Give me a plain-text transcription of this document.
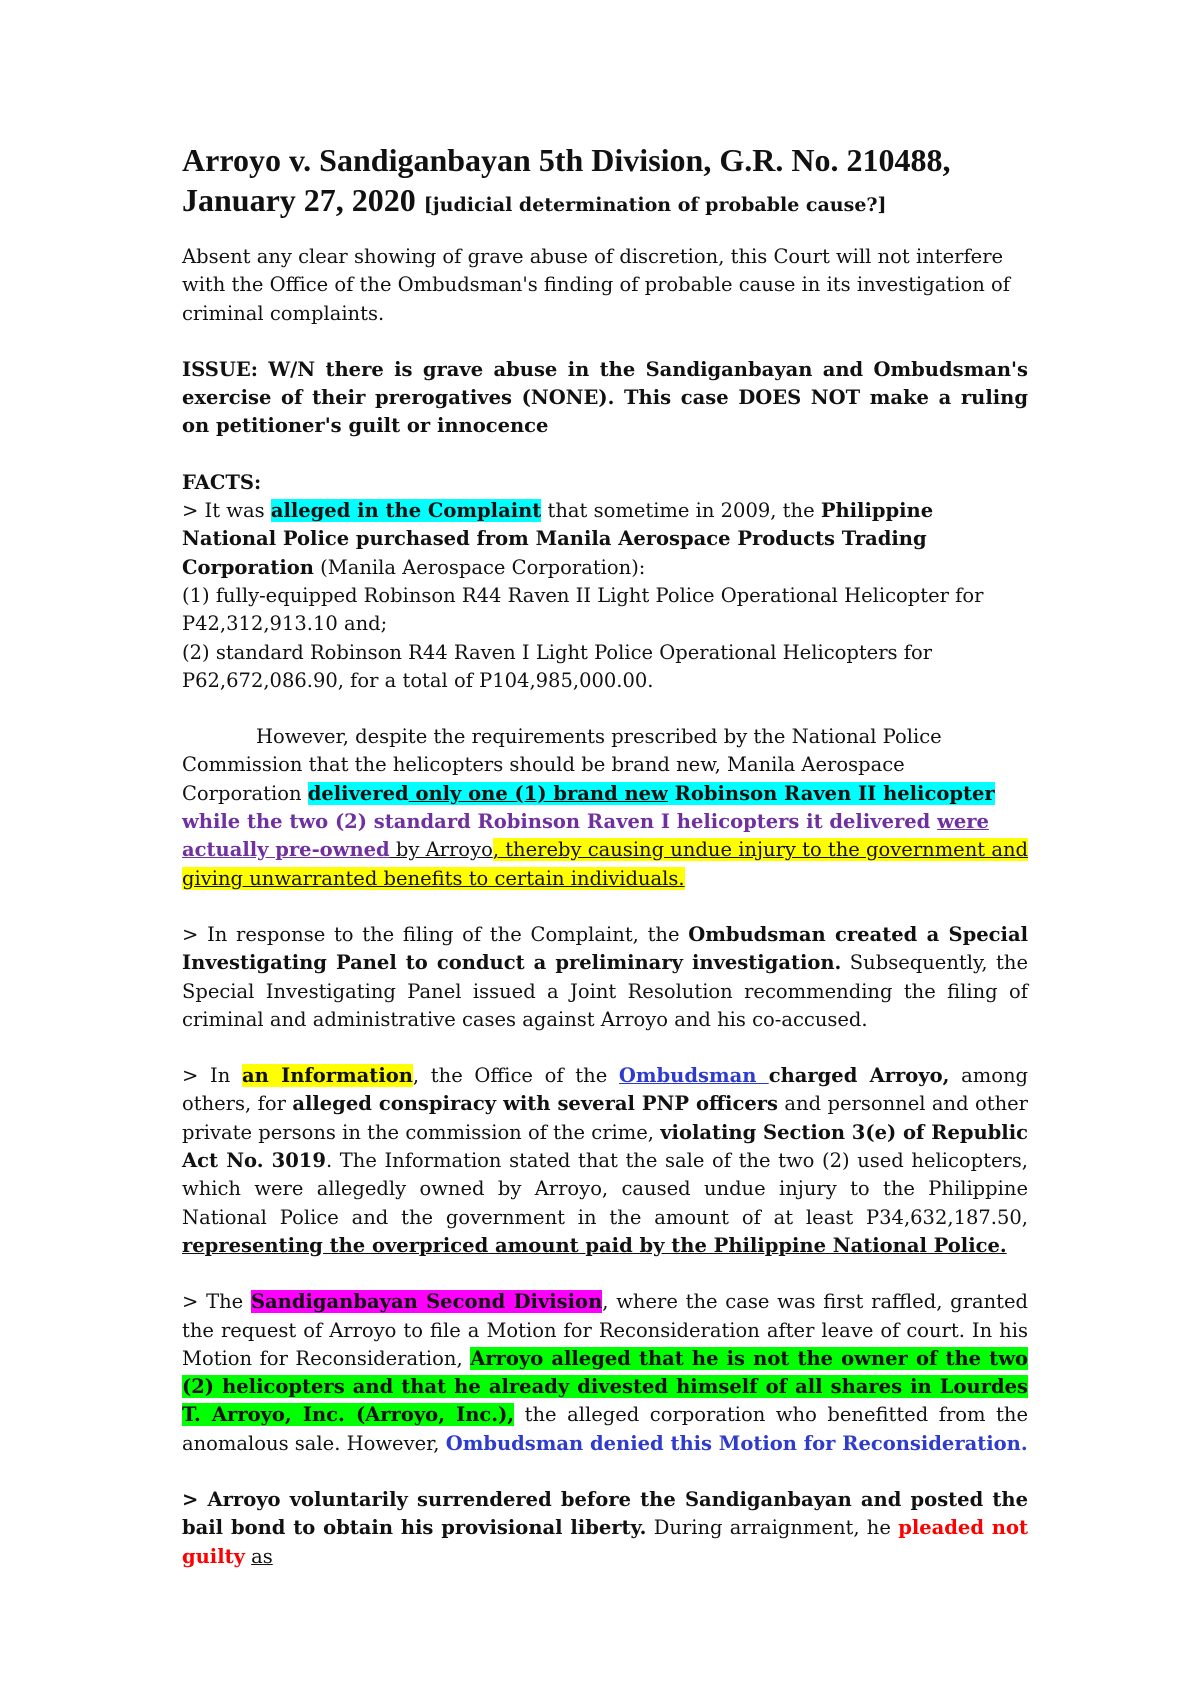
Arroyo v. Sandiganbayan 5th Division, G.R. No. 210488, January 27, 2020 [judicial determination of probable cause?]

Absent any clear showing of grave abuse of discretion, this Court will not interfere with the Office of the Ombudsman's finding of probable cause in its investigation of criminal complaints.

ISSUE: W/N there is grave abuse in the Sandiganbayan and Ombudsman's exercise of their prerogatives (NONE). This case DOES NOT make a ruling on petitioner's guilt or innocence

FACTS:
> It was alleged in the Complaint that sometime in 2009, the Philippine National Police purchased from Manila Aerospace Products Trading Corporation (Manila Aerospace Corporation):
(1) fully-equipped Robinson R44 Raven II Light Police Operational Helicopter for P42,312,913.10 and;
(2) standard Robinson R44 Raven I Light Police Operational Helicopters for P62,672,086.90, for a total of P104,985,000.00.

However, despite the requirements prescribed by the National Police Commission that the helicopters should be brand new, Manila Aerospace Corporation delivered only one (1) brand new Robinson Raven II helicopter while the two (2) standard Robinson Raven I helicopters it delivered were actually pre-owned by Arroyo, thereby causing undue injury to the government and giving unwarranted benefits to certain individuals.

> In response to the filing of the Complaint, the Ombudsman created a Special Investigating Panel to conduct a preliminary investigation. Subsequently, the Special Investigating Panel issued a Joint Resolution recommending the filing of criminal and administrative cases against Arroyo and his co-accused.

> In an Information, the Office of the Ombudsman charged Arroyo, among others, for alleged conspiracy with several PNP officers and personnel and other private persons in the commission of the crime, violating Section 3(e) of Republic Act No. 3019. The Information stated that the sale of the two (2) used helicopters, which were allegedly owned by Arroyo, caused undue injury to the Philippine National Police and the government in the amount of at least P34,632,187.50, representing the overpriced amount paid by the Philippine National Police.

> The Sandiganbayan Second Division, where the case was first raffled, granted the request of Arroyo to file a Motion for Reconsideration after leave of court. In his Motion for Reconsideration, Arroyo alleged that he is not the owner of the two (2) helicopters and that he already divested himself of all shares in Lourdes T. Arroyo, Inc. (Arroyo, Inc.), the alleged corporation who benefitted from the anomalous sale. However, Ombudsman denied this Motion for Reconsideration.

> Arroyo voluntarily surrendered before the Sandiganbayan and posted the bail bond to obtain his provisional liberty. During arraignment, he pleaded not guilty as
